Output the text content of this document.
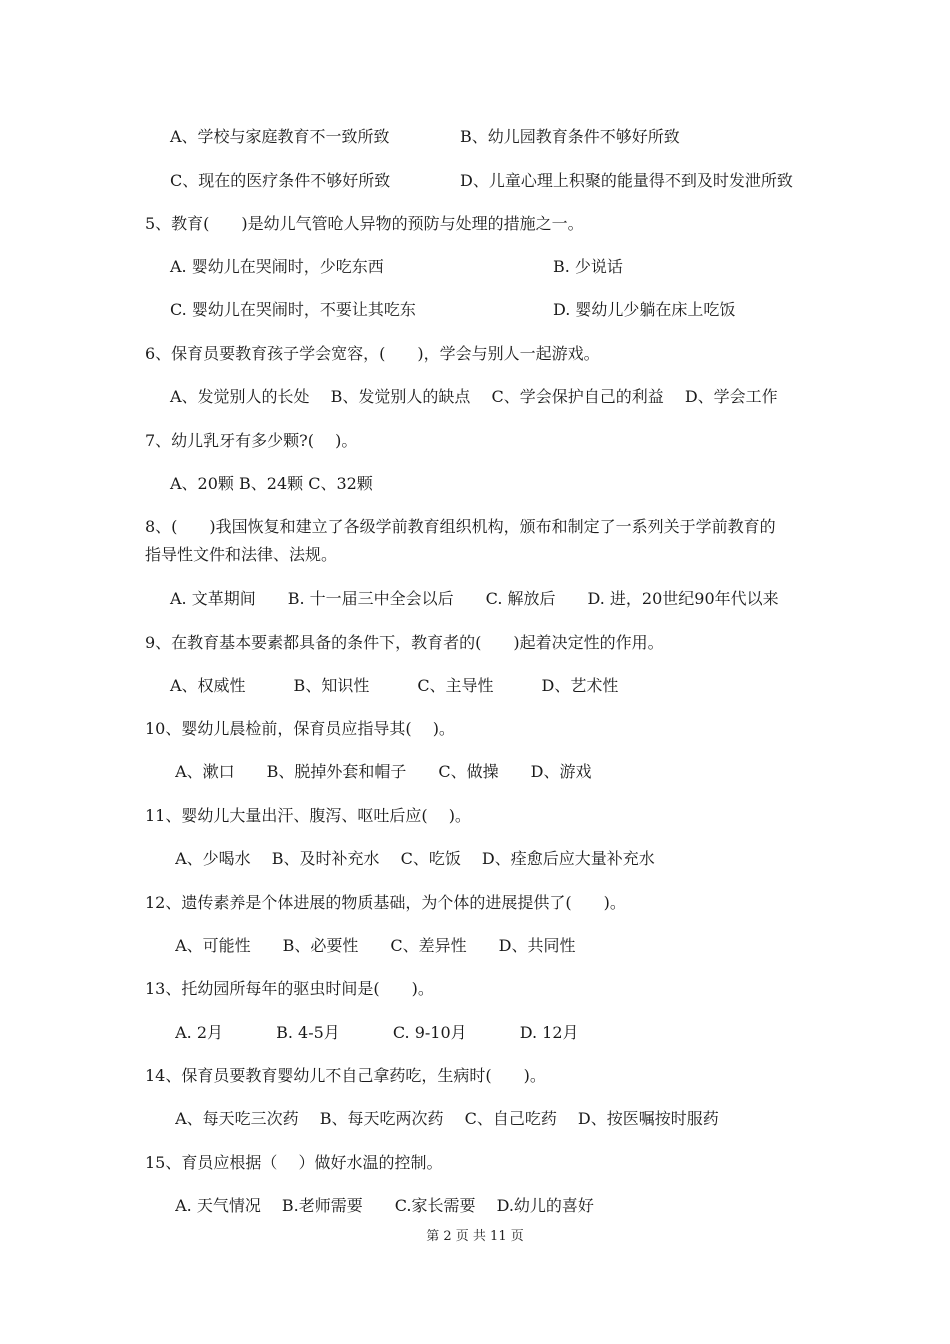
A、学校与家庭教育不一致所致	B、幼儿园教育条件不够好所致
C、现在的医疗条件不够好所致	D、儿童心理上积聚的能量得不到及时发泄所致
5、教育(　　)是幼儿气管呛人异物的预防与处理的措施之一。
A. 婴幼儿在哭闹时，少吃东西	B. 少说话
C. 婴幼儿在哭闹时，不要让其吃东	D. 婴幼儿少躺在床上吃饭
6、保育员要教育孩子学会宽容，(　　)，学会与别人一起游戏。
A、发觉别人的长处　 B、发觉别人的缺点　 C、学会保护自己的利益　 D、学会工作
7、幼儿乳牙有多少颗?(　 )。
A、20颗 B、24颗 C、32颗
8、(　　)我国恢复和建立了各级学前教育组织机构，颁布和制定了一系列关于学前教育的
指导性文件和法律、法规。
A. 文革期间　　B. 十一届三中全会以后　　C. 解放后　　D. 进，20世纪90年代以来
9、在教育基本要素都具备的条件下，教育者的(　　)起着决定性的作用。
A、权威性　　　B、知识性　　　C、主导性　　　D、艺术性
10、婴幼儿晨检前，保育员应指导其(　 )。
A、漱口　　B、脱掉外套和帽子　　C、做操　　D、游戏
11、婴幼儿大量出汗、腹泻、呕吐后应(　 )。
A、少喝水　 B、及时补充水　 C、吃饭　 D、痊愈后应大量补充水
12、遗传素养是个体进展的物质基础，为个体的进展提供了(　　)。
A、可能性　　B、必要性　　C、差异性　　D、共同性
13、托幼园所每年的驱虫时间是(　　)。
A. 2月　　　 B. 4-5月　　　 C. 9-10月　　　 D. 12月
14、保育员要教育婴幼儿不自己拿药吃，生病时(　　)。
A、每天吃三次药　 B、每天吃两次药　 C、自己吃药　 D、按医嘱按时服药
15、育员应根据（　 ）做好水温的控制。
A. 天气情况　 B.老师需要　　C.家长需要　 D.幼儿的喜好
第 2 页 共 11 页
